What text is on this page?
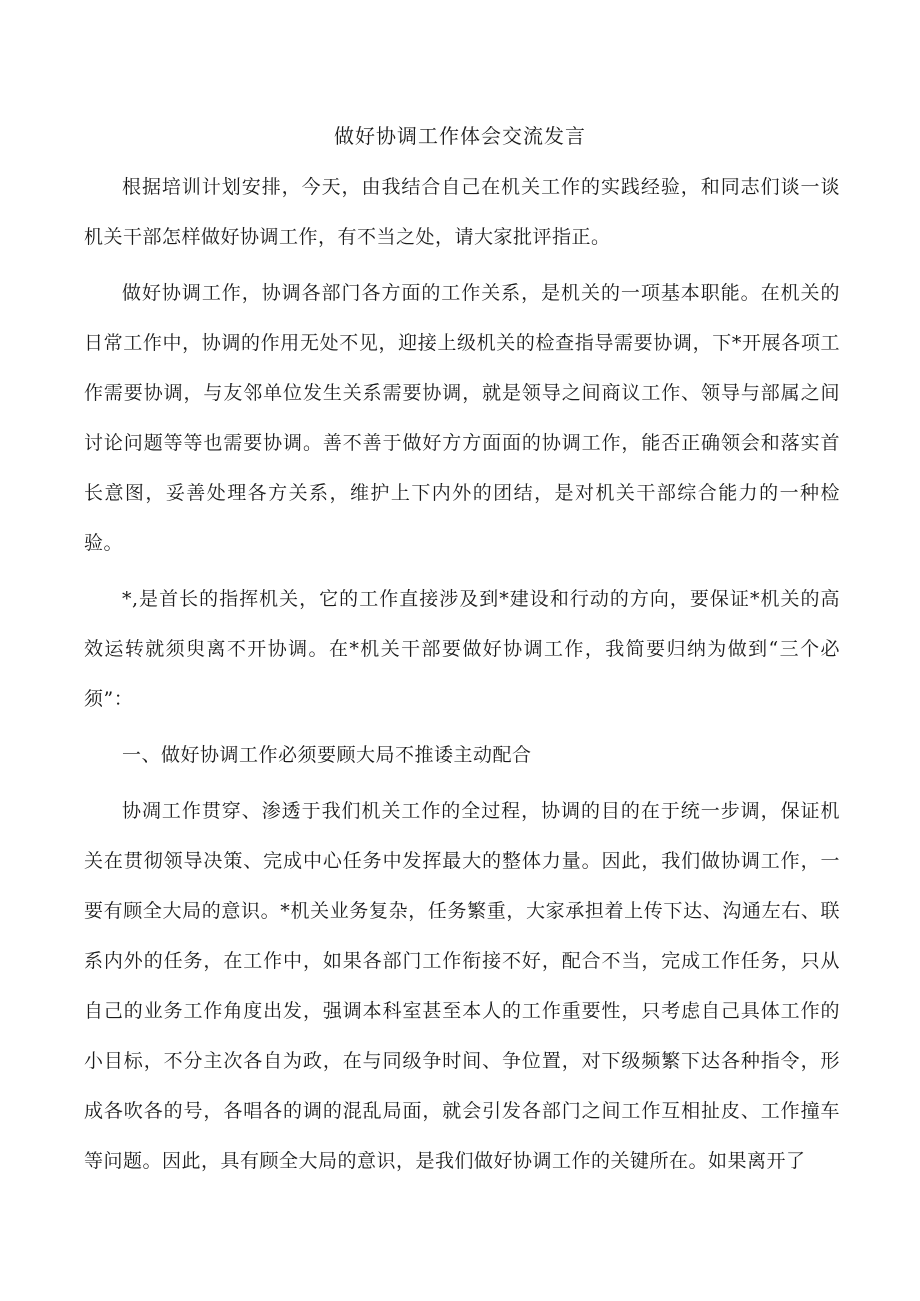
做好协调工作体会交流发言

根据培训计划安排，今天，由我结合自己在机关工作的实践经验，和同志们谈一谈机关干部怎样做好协调工作，有不当之处，请大家批评指正。

做好协调工作，协调各部门各方面的工作关系，是机关的一项基本职能。在机关的日常工作中，协调的作用无处不见，迎接上级机关的检查指导需要协调，下*开展各项工作需要协调，与友邻单位发生关系需要协调，就是领导之间商议工作、领导与部属之间讨论问题等等也需要协调。善不善于做好方方面面的协调工作，能否正确领会和落实首长意图，妥善处理各方关系，维护上下内外的团结，是对机关干部综合能力的一种检验。

*,是首长的指挥机关，它的工作直接涉及到*建设和行动的方向，要保证*机关的高效运转就须臾离不开协调。在*机关干部要做好协调工作，我简要归纳为做到“三个必须”：

一、做好协调工作必须要顾大局不推诿主动配合

协凋工作贯穿、渗透于我们机关工作的全过程，协调的目的在于统一步调，保证机关在贯彻领导决策、完成中心任务中发挥最大的整体力量。因此，我们做协调工作，一要有顾全大局的意识。*机关业务复杂，任务繁重，大家承担着上传下达、沟通左右、联系内外的任务，在工作中，如果各部门工作衔接不好，配合不当，完成工作任务，只从自己的业务工作角度出发，强调本科室甚至本人的工作重要性，只考虑自己具体工作的小目标，不分主次各自为政，在与同级争时间、争位置，对下级频繁下达各种指令，形成各吹各的号，各唱各的调的混乱局面，就会引发各部门之间工作互相扯皮、工作撞车等问题。因此，具有顾全大局的意识，是我们做好协调工作的关键所在。如果离开了
